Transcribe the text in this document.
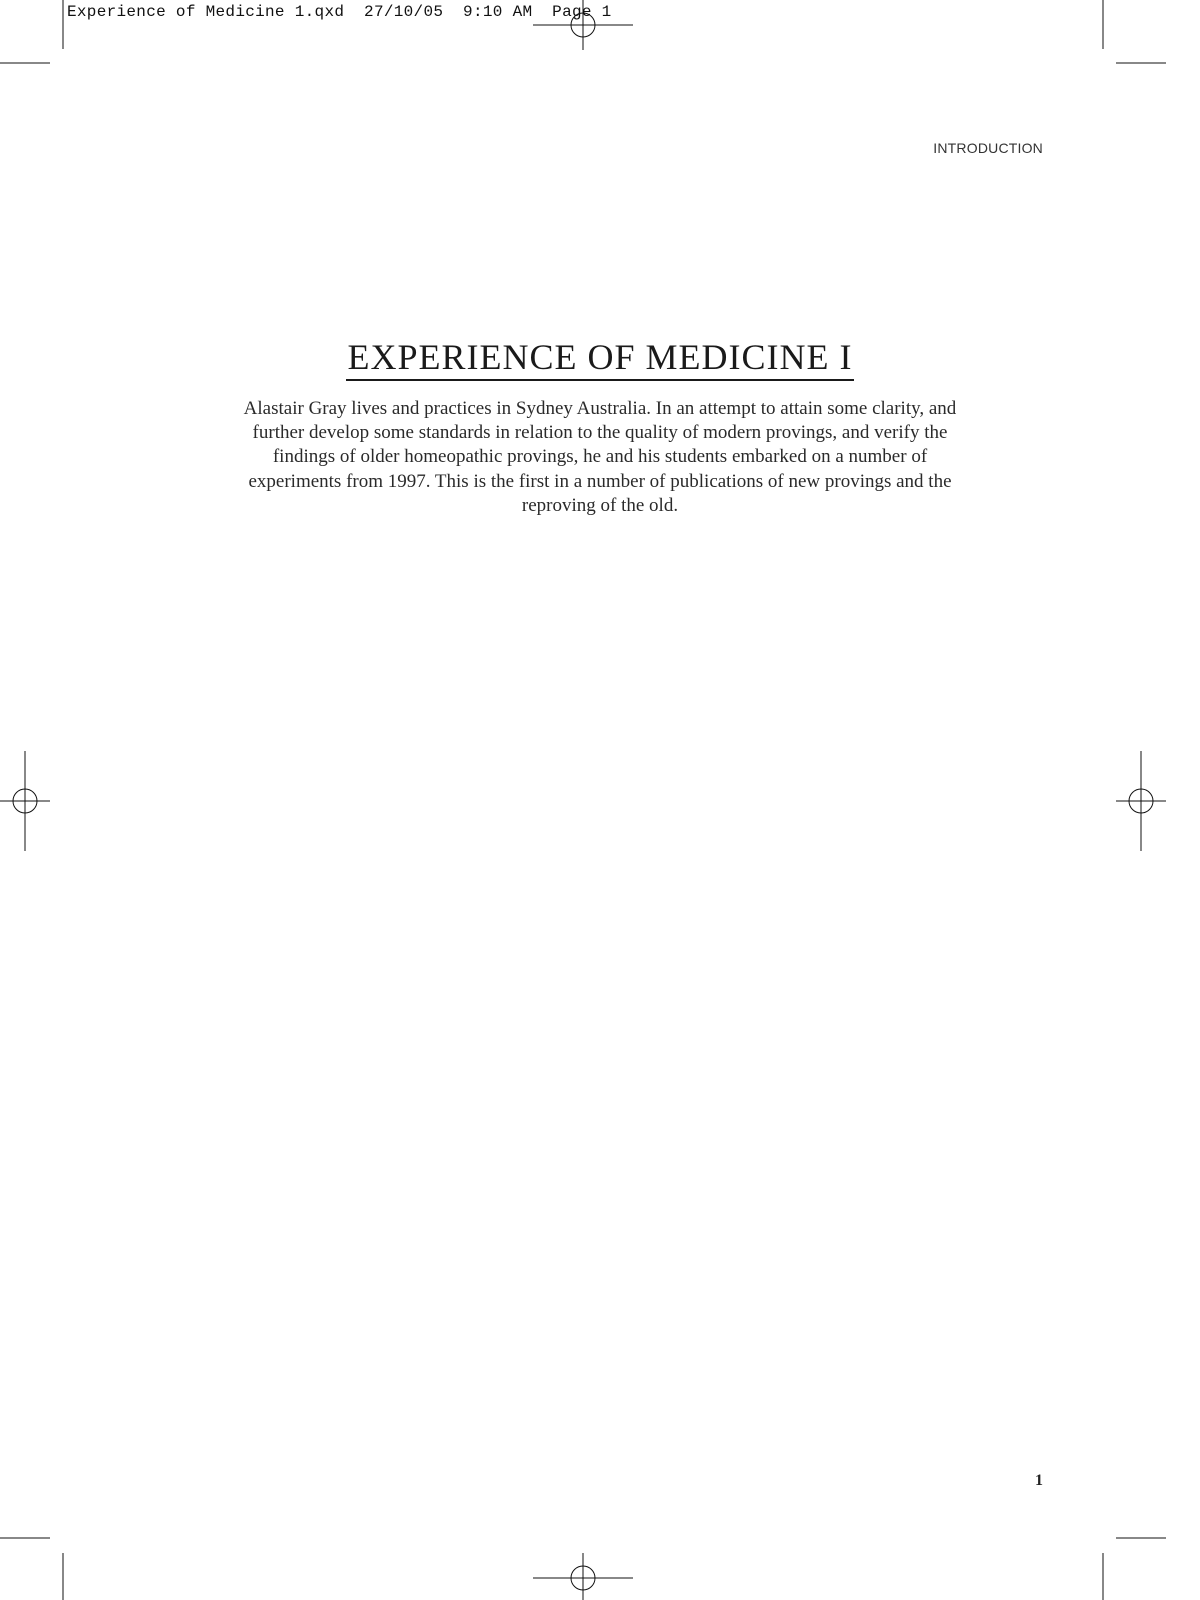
Experience of Medicine 1.qxd  27/10/05  9:10 AM  Page 1
INTRODUCTION
EXPERIENCE OF MEDICINE I

Alastair Gray lives and practices in Sydney Australia. In an attempt to attain some clarity, and further develop some standards in relation to the quality of modern provings, and verify the findings of older homeopathic provings, he and his students embarked on a number of experiments from 1997. This is the first in a number of publications of new provings and the reproving of the old.

1
